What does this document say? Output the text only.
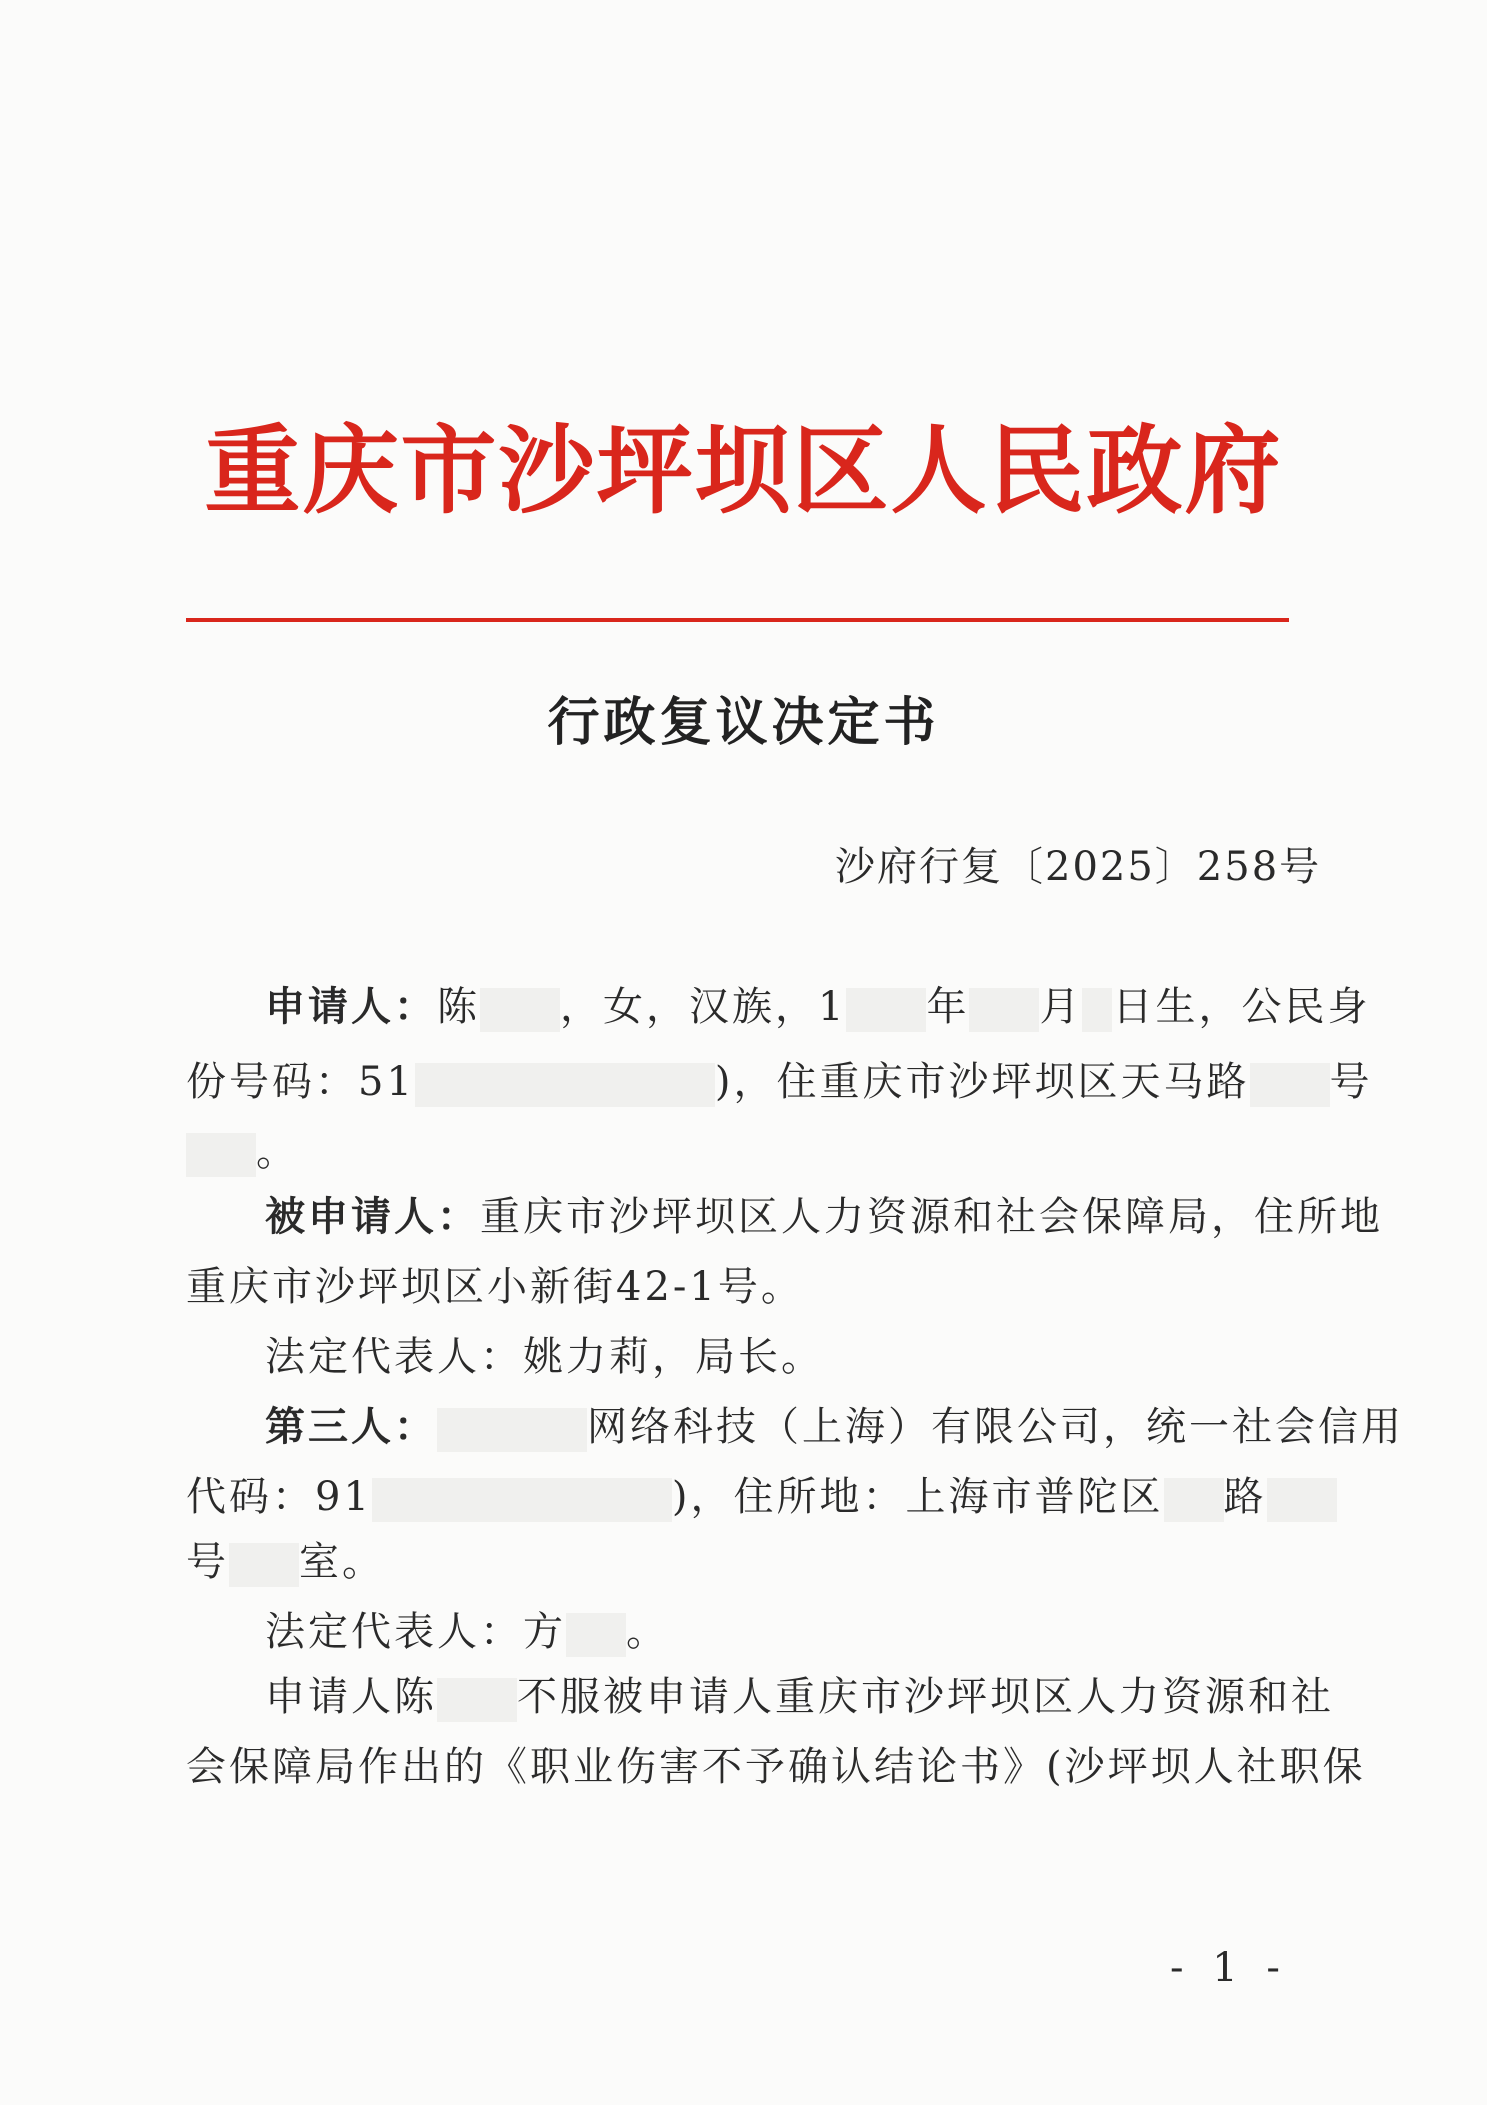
重庆市沙坪坝区人民政府
行政复议决定书
沙府行复〔2025〕258号
申请人：陈 ，女，汉族，1 年 月 日生，公民身
份号码：51	)，住重庆市沙坪坝区天马路 号
。
被申请人：重庆市沙坪坝区人力资源和社会保障局，住所地
重庆市沙坪坝区小新街42-1号。
法定代表人：姚力莉，局长。
第三人：	网络科技（上海）有限公司，统一社会信用
代码：91	)，住所地：上海市普陀区 路
号 室。
法定代表人：方 。
申请人陈 不服被申请人重庆市沙坪坝区人力资源和社
会保障局作出的《职业伤害不予确认结论书》(沙坪坝人社职保
- 1 -
